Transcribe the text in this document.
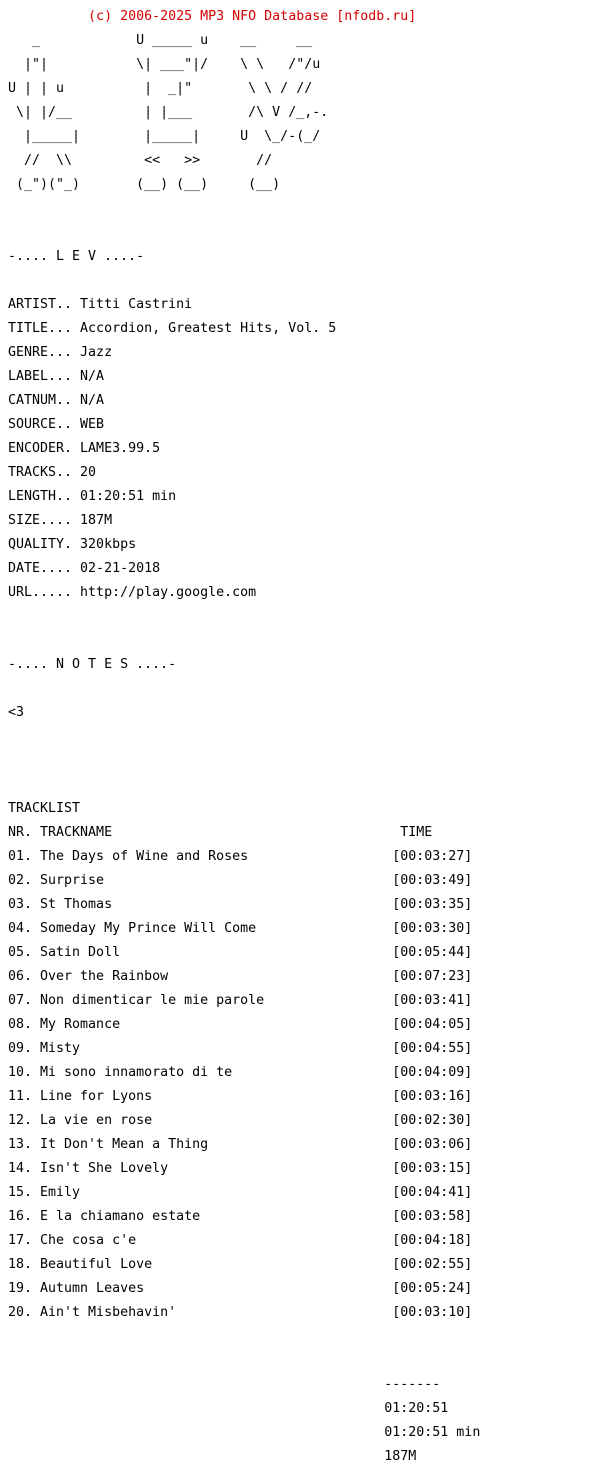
(c) 2006-2025 MP3 NFO Database [nfodb.ru]

_            U _____ u    __     __

|"|           \| ___"|/    \ \   /"/u

U | | u          |  _|"       \ \ / //

\| |/__         | |___       /\ V /_,-.

|_____|        |_____|     U  \_/-(_/

//  \\         <<   >>       //

(_")("_)       (__) (__)     (__)

-.... L E V ....-

ARTIST.. Titti Castrini

TITLE... Accordion, Greatest Hits, Vol. 5

GENRE... Jazz

LABEL... N/A

CATNUM.. N/A

SOURCE.. WEB

ENCODER. LAME3.99.5

TRACKS.. 20

LENGTH.. 01:20:51 min

SIZE.... 187M

QUALITY. 320kbps

DATE.... 02-21-2018

URL..... http://play.google.com

-.... N O T E S ....-

<3

TRACKLIST

NR. TRACKNAME                                    TIME

01. The Days of Wine and Roses                  [00:03:27]

02. Surprise                                    [00:03:49]

03. St Thomas                                   [00:03:35]

04. Someday My Prince Will Come                 [00:03:30]

05. Satin Doll                                  [00:05:44]

06. Over the Rainbow                            [00:07:23]

07. Non dimenticar le mie parole                [00:03:41]

08. My Romance                                  [00:04:05]

09. Misty                                       [00:04:55]

10. Mi sono innamorato di te                    [00:04:09]

11. Line for Lyons                              [00:03:16]

12. La vie en rose                              [00:02:30]

13. It Don't Mean a Thing                       [00:03:06]

14. Isn't She Lovely                            [00:03:15]

15. Emily                                       [00:04:41]

16. E la chiamano estate                        [00:03:58]

17. Che cosa c'e                                [00:04:18]

18. Beautiful Love                              [00:02:55]

19. Autumn Leaves                               [00:05:24]

20. Ain't Misbehavin'                           [00:03:10]

-------

01:20:51

01:20:51 min

187M
